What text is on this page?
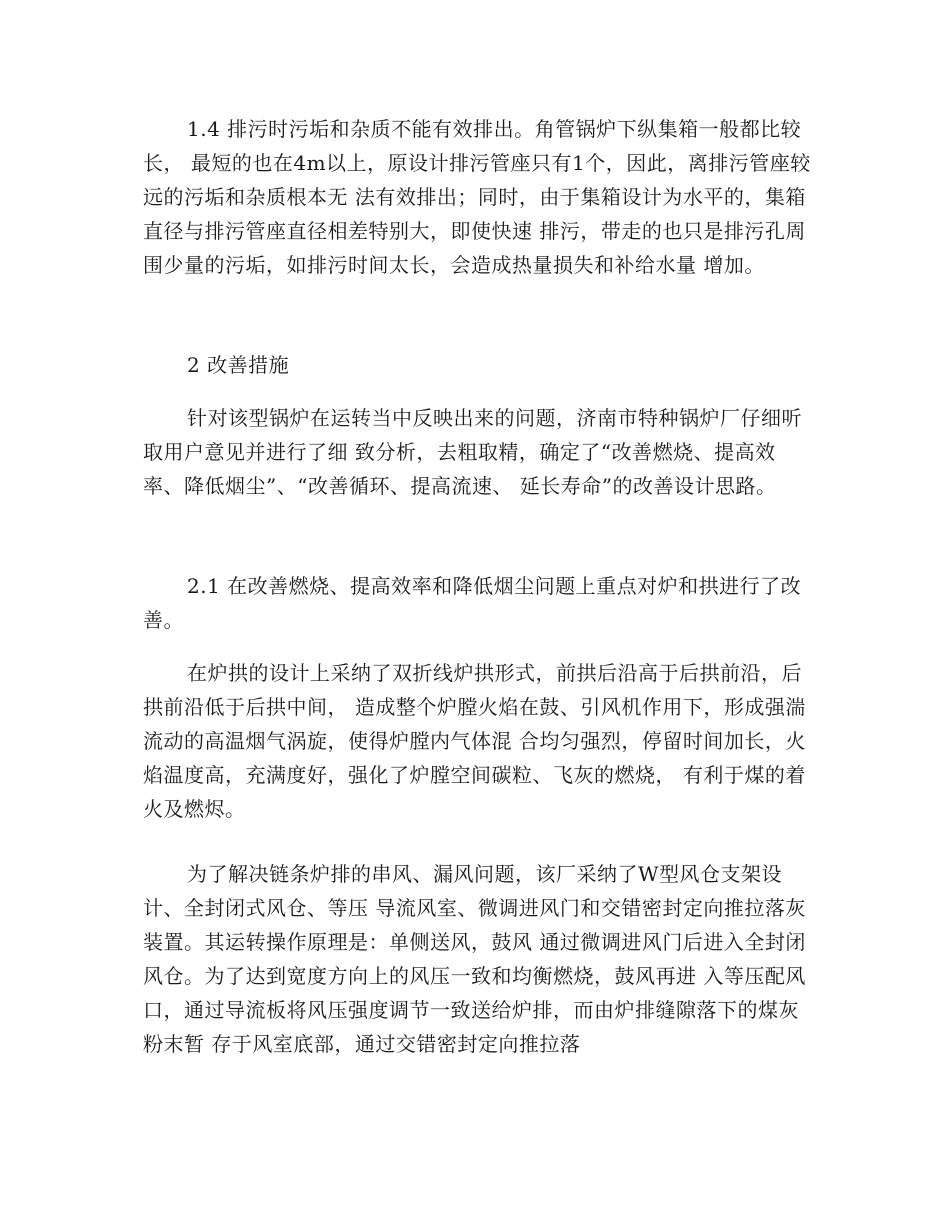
1.4 排污时污垢和杂质不能有效排出。角管锅炉下纵集箱一般都比较长， 最短的也在4m以上，原设计排污管座只有1个，因此，离排污管座较远的污垢和杂质根本无 法有效排出；同时，由于集箱设计为水平的，集箱直径与排污管座直径相差特别大，即使快速 排污，带走的也只是排污孔周围少量的污垢，如排污时间太长，会造成热量损失和补给水量 增加。

2 改善措施

针对该型锅炉在运转当中反映出来的问题，济南市特种锅炉厂仔细听取用户意见并进行了细 致分析，去粗取精，确定了“改善燃烧、提高效率、降低烟尘”、“改善循环、提高流速、 延长寿命”的改善设计思路。

2.1 在改善燃烧、提高效率和降低烟尘问题上重点对炉和拱进行了改善。

在炉拱的设计上采纳了双折线炉拱形式，前拱后沿高于后拱前沿，后拱前沿低于后拱中间， 造成整个炉膛火焰在鼓、引风机作用下，形成强湍流动的高温烟气涡旋，使得炉膛内气体混 合均匀强烈，停留时间加长，火焰温度高，充满度好，强化了炉膛空间碳粒、飞灰的燃烧， 有利于煤的着火及燃烬。

为了解决链条炉排的串风、漏风问题，该厂采纳了W型风仓支架设计、全封闭式风仓、等压 导流风室、微调进风门和交错密封定向推拉落灰装置。其运转操作原理是：单侧送风，鼓风 通过微调进风门后进入全封闭风仓。为了达到宽度方向上的风压一致和均衡燃烧，鼓风再进 入等压配风口，通过导流板将风压强度调节一致送给炉排，而由炉排缝隙落下的煤灰粉末暂 存于风室底部，通过交错密封定向推拉落
